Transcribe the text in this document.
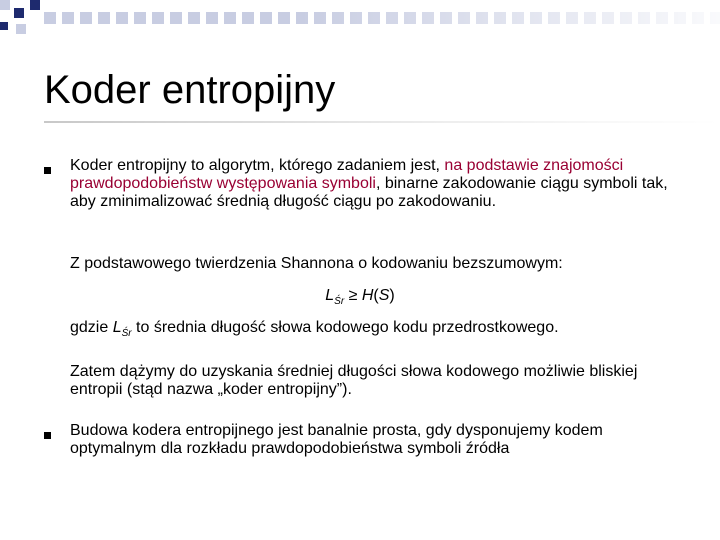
Koder entropijny
Koder entropijny to algorytm, którego zadaniem jest, na podstawie znajomości prawdopodobieństw występowania symboli, binarne zakodowanie ciągu symboli tak, aby zminimalizować średnią długość ciągu po zakodowaniu.
Z podstawowego twierdzenia Shannona o kodowaniu bezszumowym:
$L_{Śr} \ge H(S)$
gdzie $L_{Śr}$ to średnia długość słowa kodowego kodu przedrostkowego.
Zatem dążymy do uzyskania średniej długości słowa kodowego możliwie bliskiej entropii (stąd nazwa „koder entropijny”).
Budowa kodera entropijnego jest banalnie prosta, gdy dysponujemy kodem optymalnym dla rozkładu prawdopodobieństwa symboli źródła
